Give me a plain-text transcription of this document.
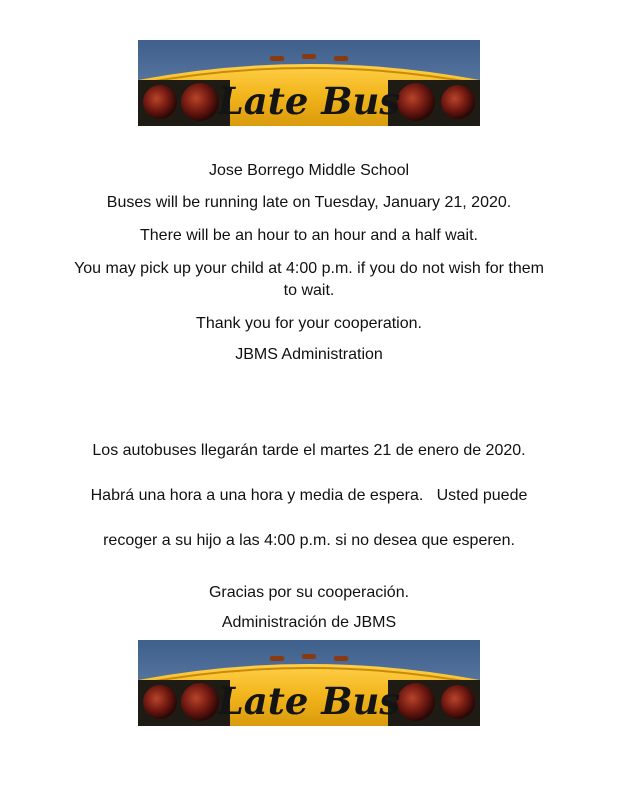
Late Bus

Jose Borrego Middle School

Buses will be running late on Tuesday, January 21, 2020.

There will be an hour to an hour and a half wait.

You may pick up your child at 4:00 p.m. if you do not wish for them to wait.

Thank you for your cooperation.

JBMS Administration

Los autobuses llegarán tarde el martes 21 de enero de 2020.

Habrá una hora a una hora y media de espera.   Usted puede

recoger a su hijo a las 4:00 p.m. si no desea que esperen.

Gracias por su cooperación.

Administración de JBMS

Late Bus
